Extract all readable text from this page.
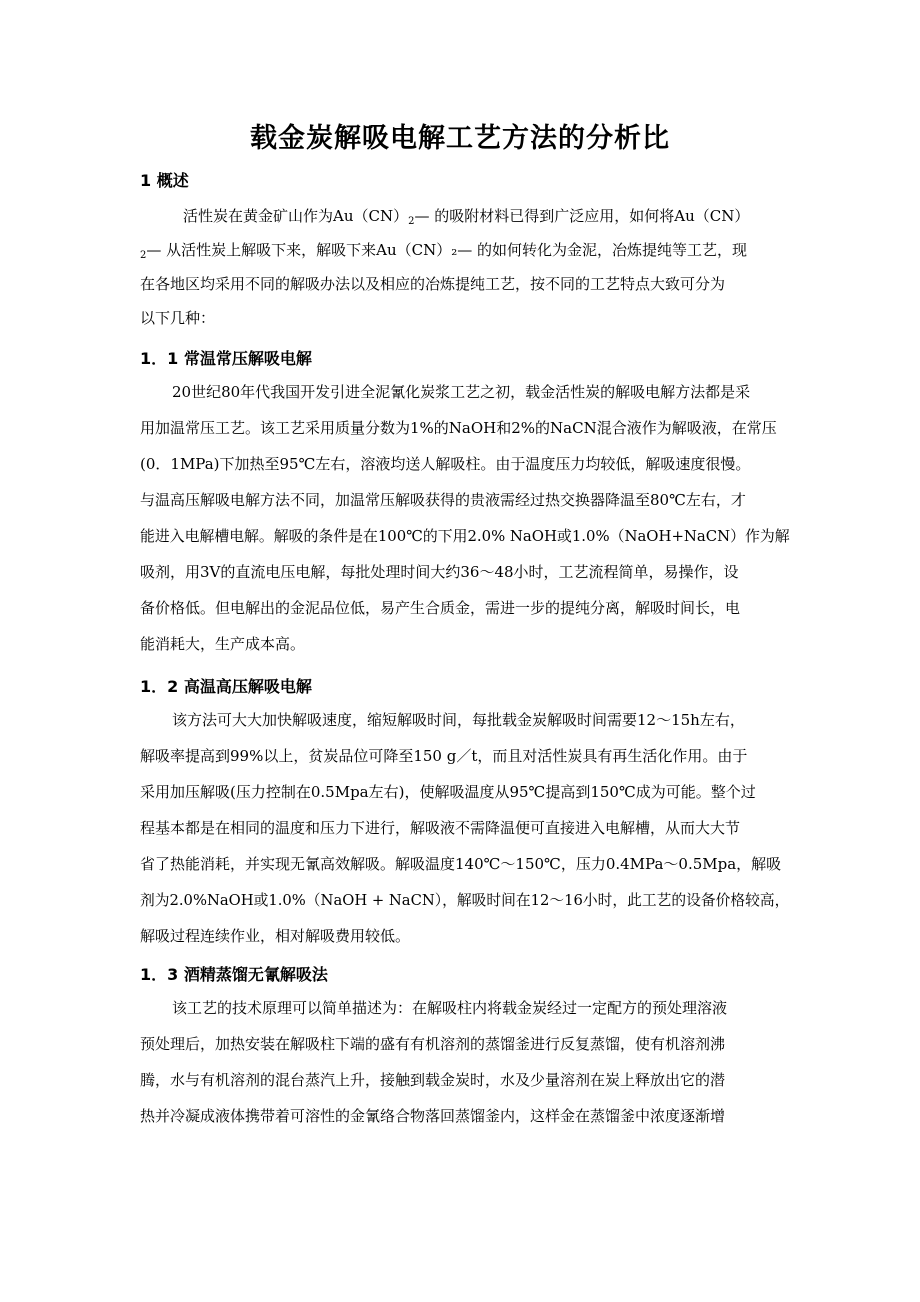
载金炭解吸电解工艺方法的分析比
1 概述
活性炭在黄金矿山作为$Au(CN)_2—$ 的吸附材料已得到广泛应用，如何将Au（CN）
$_2$— 从活性炭上解吸下来，解吸下来Au（CN）₂— 的如何转化为金泥，冶炼提纯等工艺，现
在各地区均采用不同的解吸办法以及相应的冶炼提纯工艺，按不同的工艺特点大致可分为
以下几种：
1．1 常温常压解吸电解
20世纪80年代我国开发引进全泥氰化炭浆工艺之初，载金活性炭的解吸电解方法都是采
用加温常压工艺。该工艺采用质量分数为1%的NaOH和2%的NaCN混合液作为解吸液，在常压
(0．1MPa)下加热至95℃左右，溶液均送人解吸柱。由于温度压力均较低，解吸速度很慢。
与温高压解吸电解方法不同，加温常压解吸获得的贵液需经过热交换器降温至80℃左右，才
能进入电解槽电解。解吸的条件是在100℃的下用2.0% NaOH或1.0%（NaOH+NaCN）作为解
吸剂，用3V的直流电压电解，每批处理时间大约36～48小时，工艺流程简单，易操作，设
备价格低。但电解出的金泥品位低，易产生合质金，需进一步的提纯分离，解吸时间长，电
能消耗大，生产成本高。
1．2 高温高压解吸电解
该方法可大大加快解吸速度，缩短解吸时间，每批载金炭解吸时间需要12～15h左右，
解吸率提高到99%以上，贫炭品位可降至150 g／t，而且对活性炭具有再生活化作用。由于
采用加压解吸(压力控制在0.5Mpa左右)，使解吸温度从95℃提高到150℃成为可能。整个过
程基本都是在相同的温度和压力下进行，解吸液不需降温便可直接进入电解槽，从而大大节
省了热能消耗，并实现无氰高效解吸。解吸温度140℃～150℃，压力0.4MPa～0.5Mpa，解吸
剂为2.0%NaOH或1.0%（NaOH + NaCN），解吸时间在12～16小时，此工艺的设备价格较高，
解吸过程连续作业，相对解吸费用较低。
1．3 酒精蒸馏无氰解吸法
该工艺的技术原理可以简单描述为：在解吸柱内将载金炭经过一定配方的预处理溶液
预处理后，加热安装在解吸柱下端的盛有有机溶剂的蒸馏釜进行反复蒸馏，使有机溶剂沸
腾，水与有机溶剂的混台蒸汽上升，接触到载金炭时，水及少量溶剂在炭上释放出它的潜
热并冷凝成液体携带着可溶性的金氰络合物落回蒸馏釜内，这样金在蒸馏釜中浓度逐渐增
